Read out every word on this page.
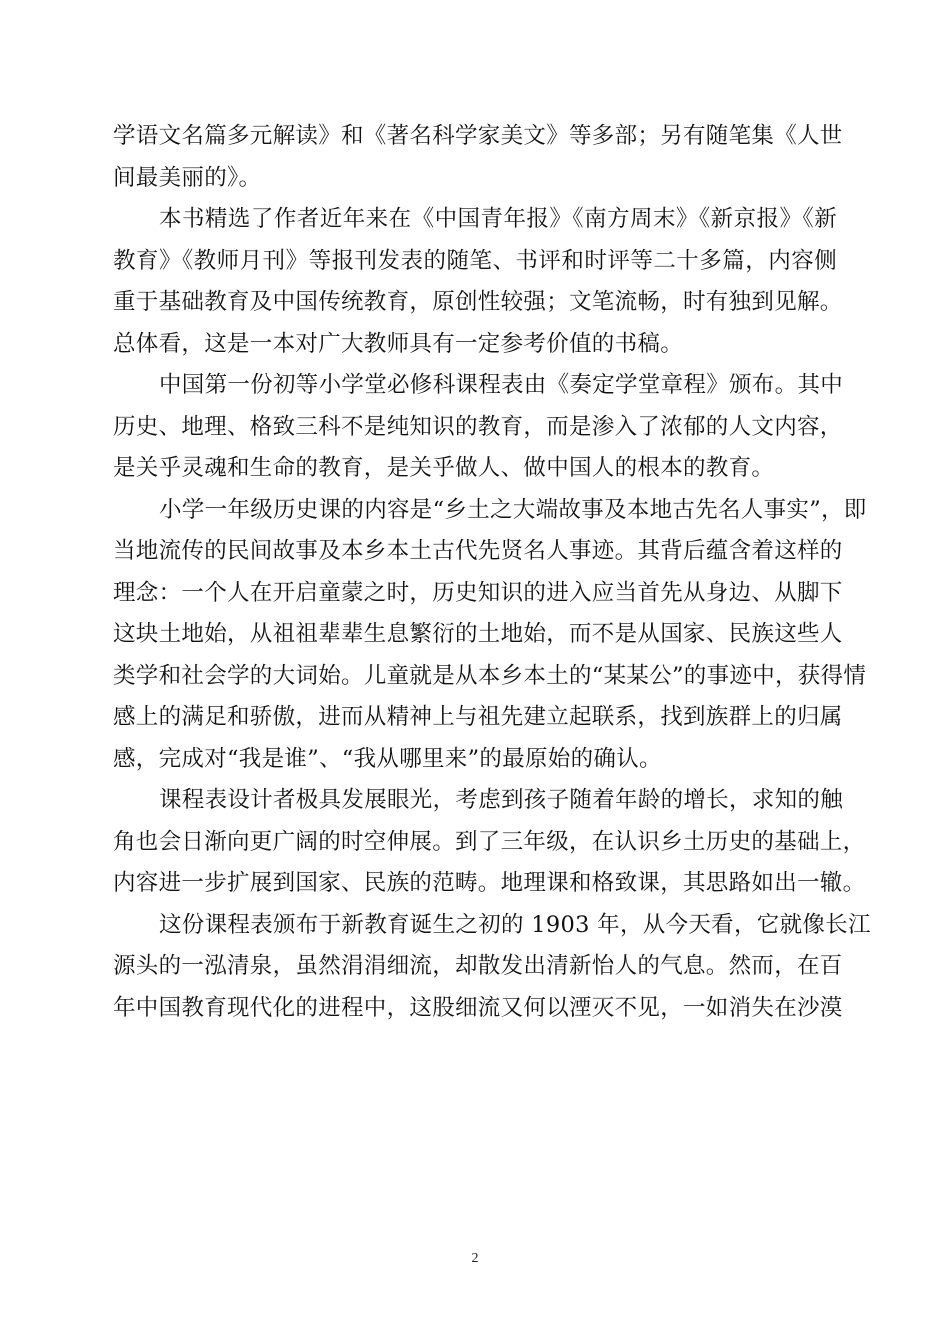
学语文名篇多元解读》和《著名科学家美文》等多部；另有随笔集《人世
间最美丽的》。
本书精选了作者近年来在《中国青年报》《南方周末》《新京报》《新
教育》《教师月刊》等报刊发表的随笔、书评和时评等二十多篇，内容侧
重于基础教育及中国传统教育，原创性较强；文笔流畅，时有独到见解。
总体看，这是一本对广大教师具有一定参考价值的书稿。
中国第一份初等小学堂必修科课程表由《奏定学堂章程》颁布。其中
历史、地理、格致三科不是纯知识的教育，而是渗入了浓郁的人文内容，
是关乎灵魂和生命的教育，是关乎做人、做中国人的根本的教育。
小学一年级历史课的内容是“乡土之大端故事及本地古先名人事实”，即
当地流传的民间故事及本乡本土古代先贤名人事迹。其背后蕴含着这样的
理念：一个人在开启童蒙之时，历史知识的进入应当首先从身边、从脚下
这块土地始，从祖祖辈辈生息繁衍的土地始，而不是从国家、民族这些人
类学和社会学的大词始。儿童就是从本乡本土的“某某公”的事迹中，获得情
感上的满足和骄傲，进而从精神上与祖先建立起联系，找到族群上的归属
感，完成对“我是谁”、“我从哪里来”的最原始的确认。
课程表设计者极具发展眼光，考虑到孩子随着年龄的增长，求知的触
角也会日渐向更广阔的时空伸展。到了三年级，在认识乡土历史的基础上，
内容进一步扩展到国家、民族的范畴。地理课和格致课，其思路如出一辙。
这份课程表颁布于新教育诞生之初的 1903 年，从今天看，它就像长江
源头的一泓清泉，虽然涓涓细流，却散发出清新怡人的气息。然而，在百
年中国教育现代化的进程中，这股细流又何以湮灭不见，一如消失在沙漠
2
